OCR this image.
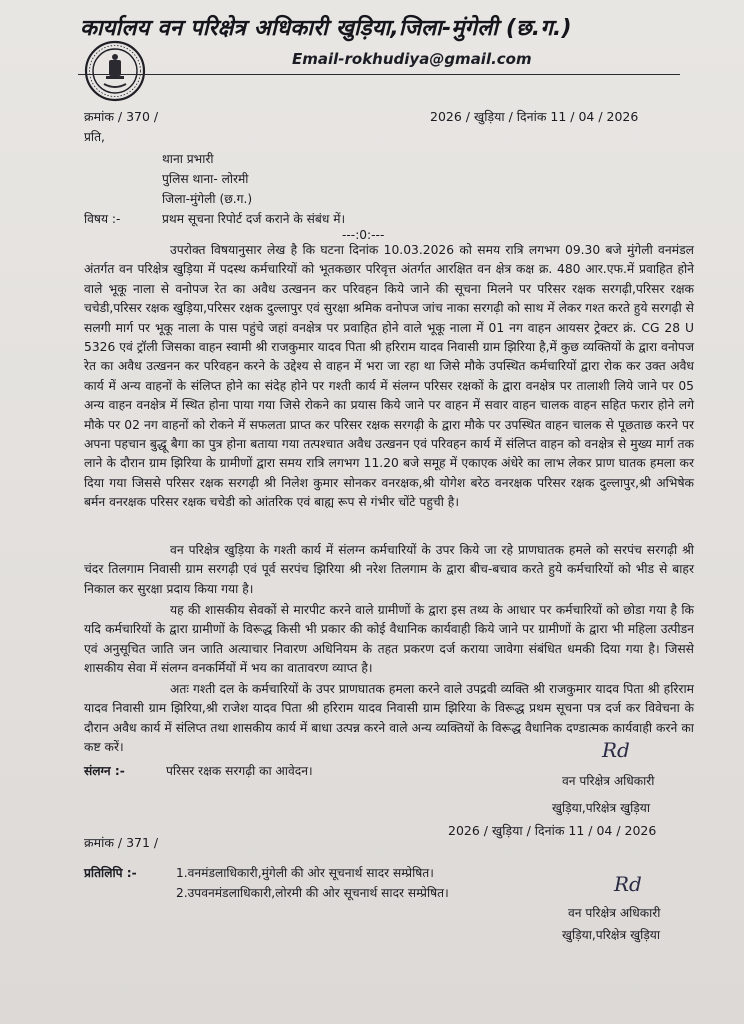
कार्यालय वन परिक्षेत्र अधिकारी खुड़िया,जिला-मुंगेली (छ.ग.)
Email-rokhudiya@gmail.com
क्रमांक / 370 /	2026 / खुड़िया / दिनांक 11 / 04 / 2026
प्रति,
थाना प्रभारी
पुलिस थाना- लोरमी
जिला-मुंगेली (छ.ग.)
विषय :-	प्रथम सूचना रिपोर्ट दर्ज कराने के संबंध में।
---:0:---
उपरोक्त विषयानुसार लेख है कि घटना दिनांक 10.03.2026 को समय रात्रि लगभग 09.30 बजे मुंगेली वनमंडल अंतर्गत वन परिक्षेत्र खुड़िया में पदस्थ कर्मचारियों को भूतकछार परिवृत्त अंतर्गत आरक्षित वन क्षेत्र कक्ष क्र. 480 आर.एफ.में प्रवाहित होने वाले भूकू नाला से वनोपज रेत का अवैध उत्खनन कर परिवहन किये जाने की सूचना मिलने पर परिसर रक्षक सरगढ़ी,परिसर रक्षक चचेडी,परिसर रक्षक खुड़िया,परिसर रक्षक दुल्लापुर एवं सुरक्षा श्रमिक वनोपज जांच नाका सरगढ़ी को साथ में लेकर गश्त करते हुये सरगढ़ी से सलगी मार्ग पर भूकू नाला के पास पहुंचे जहां वनक्षेत्र पर प्रवाहित होने वाले भूकू नाला में 01 नग वाहन आयसर ट्रेक्टर क्रं. CG 28 U 5326 एवं ट्रॉली जिसका वाहन स्वामी श्री राजकुमार यादव पिता श्री हरिराम यादव निवासी ग्राम झिरिया है,में कुछ व्यक्तियों के द्वारा वनोपज रेत का अवैध उत्खनन कर परिवहन करने के उद्देश्य से वाहन में भरा जा रहा था जिसे मौके उपस्थित कर्मचारियों द्वारा रोक कर उक्त अवैध कार्य में अन्य वाहनों के संलिप्त होने का संदेह होने पर गश्ती कार्य में संलग्न परिसर रक्षकों के द्वारा वनक्षेत्र पर तालाशी लिये जाने पर 05 अन्य वाहन वनक्षेत्र में स्थित होना पाया गया जिसे रोकने का प्रयास किये जाने पर वाहन में सवार वाहन चालक वाहन सहित फरार होने लगे मौके पर 02 नग वाहनों को रोकने में सफलता प्राप्त कर परिसर रक्षक सरगढ़ी के द्वारा मौके पर उपस्थित वाहन चालक से पूछताछ करने पर अपना पहचान बुद्धू बैगा का पुत्र होना बताया गया तत्पश्चात अवैध उत्खनन एवं परिवहन कार्य में संलिप्त वाहन को वनक्षेत्र से मुख्य मार्ग तक लाने के दौरान ग्राम झिरिया के ग्रामीणों द्वारा समय रात्रि लगभग 11.20 बजे समूह में एकाएक अंधेरे का लाभ लेकर प्राण घातक हमला कर दिया गया जिससे परिसर रक्षक सरगढ़ी श्री निलेश कुमार सोनकर वनरक्षक,श्री योगेश बरेठ वनरक्षक परिसर रक्षक दुल्लापुर,श्री अभिषेक बर्मन वनरक्षक परिसर रक्षक चचेडी को आंतरिक एवं बाह्य रूप से गंभीर चोंटे पहुची है।
वन परिक्षेत्र खुड़िया के गश्ती कार्य में संलग्न कर्मचारियों के उपर किये जा रहे प्राणघातक हमले को सरपंच सरगढ़ी श्री चंदर तिलगाम निवासी ग्राम सरगढ़ी एवं पूर्व सरपंच झिरिया श्री नरेश तिलगाम के द्वारा बीच-बचाव करते हुये कर्मचारियों को भीड से बाहर निकाल कर सुरक्षा प्रदाय किया गया है।
यह की शासकीय सेवकों से मारपीट करने वाले ग्रामीणों के द्वारा इस तथ्य के आधार पर कर्मचारियों को छोडा गया है कि यदि कर्मचारियों के द्वारा ग्रामीणों के विरूद्ध किसी भी प्रकार की कोई वैधानिक कार्यवाही किये जाने पर ग्रामीणों के द्वारा भी महिला उत्पीडन एवं अनुसूचित जाति जन जाति अत्याचार निवारण अधिनियम के तहत प्रकरण दर्ज कराया जावेगा संबंधित धमकी दिया गया है। जिससे शासकीय सेवा में संलग्न वनकर्मियों में भय का वातावरण व्याप्त है।
अतः गश्ती दल के कर्मचारियों के उपर प्राणघातक हमला करने वाले उपद्रवी व्यक्ति श्री राजकुमार यादव पिता श्री हरिराम यादव निवासी ग्राम झिरिया,श्री राजेश यादव पिता श्री हरिराम यादव निवासी ग्राम झिरिया के विरूद्ध प्रथम सूचना पत्र दर्ज कर विवेचना के दौरान अवैध कार्य में संलिप्त तथा शासकीय कार्य में बाधा उत्पन्न करने वाले अन्य व्यक्तियों के विरूद्ध वैधानिक दण्डात्मक कार्यवाही करने का कष्ट करें।
संलग्न :-	परिसर रक्षक सरगढ़ी का आवेदन।
Rd
वन परिक्षेत्र अधिकारी
खुड़िया,परिक्षेत्र खुड़िया
2026 / खुड़िया / दिनांक 11 / 04 / 2026
क्रमांक / 371 /
प्रतिलिपि :-	1.वनमंडलाधिकारी,मुंगेली की ओर सूचनार्थ सादर सम्प्रेषित।
2.उपवनमंडलाधिकारी,लोरमी की ओर सूचनार्थ सादर सम्प्रेषित।	Rd
वन परिक्षेत्र अधिकारी
खुड़िया,परिक्षेत्र खुड़िया
